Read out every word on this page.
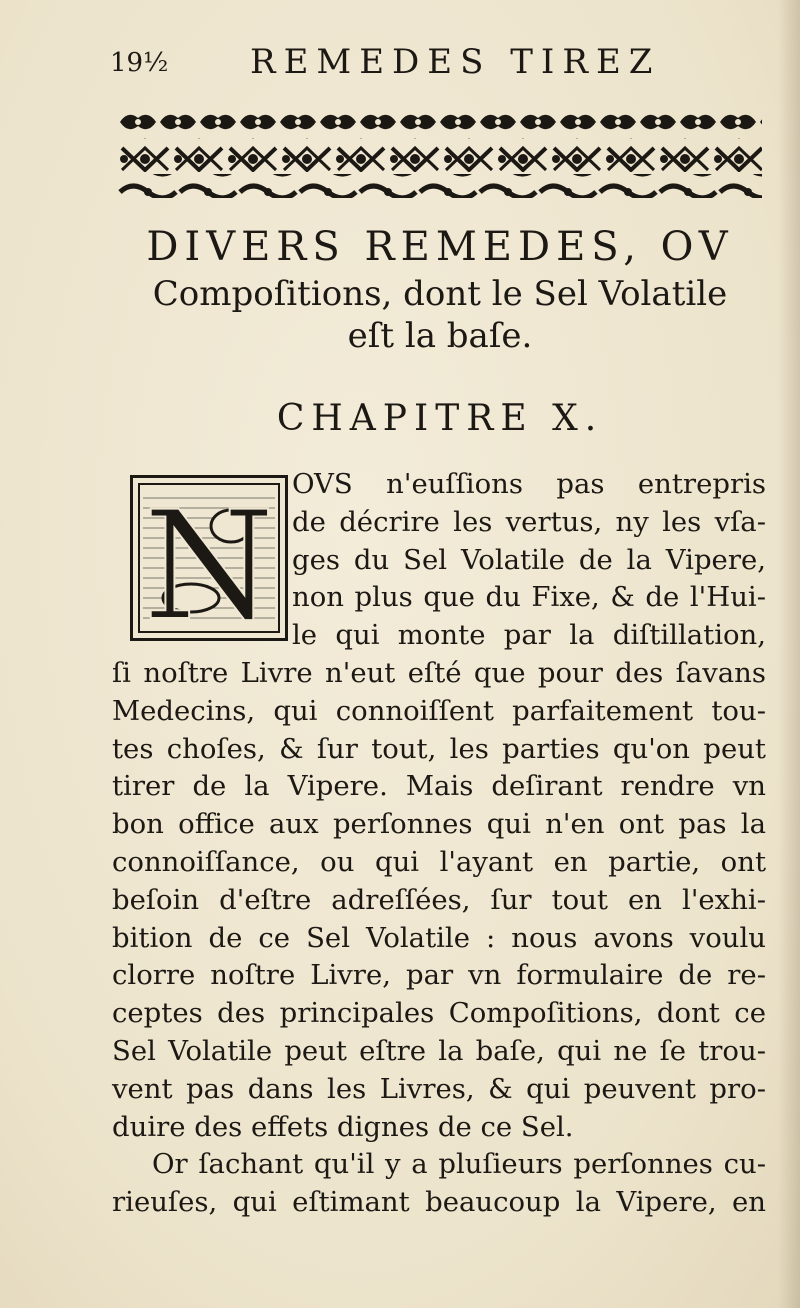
19½ REMEDES TIREZ
DIVERS REMEDES, OV
Compoſitions, dont le Sel Volatile
eſt la baſe.
CHAPITRE X.
N OVS n'euſſions pas entrepris
de décrire les vertus, ny les vſa-
ges du Sel Volatile de la Vipere,
non plus que du Fixe, & de l'Hui-
le qui monte par la diſtillation,
ſi noſtre Livre n'eut eſté que pour des ſavans
Medecins, qui connoiſſent parfaitement tou-
tes choſes, & ſur tout, les parties qu'on peut
tirer de la Vipere. Mais deſirant rendre vn
bon office aux perſonnes qui n'en ont pas la
connoiſſance, ou qui l'ayant en partie, ont
beſoin d'eſtre adreſſées, ſur tout en l'exhi-
bition de ce Sel Volatile : nous avons voulu
clorre noſtre Livre, par vn formulaire de re-
ceptes des principales Compoſitions, dont ce
Sel Volatile peut eſtre la baſe, qui ne ſe trou-
vent pas dans les Livres, & qui peuvent pro-
duire des effets dignes de ce Sel.
Or ſachant qu'il y a pluſieurs perſonnes cu-
rieuſes, qui eſtimant beaucoup la Vipere, en
